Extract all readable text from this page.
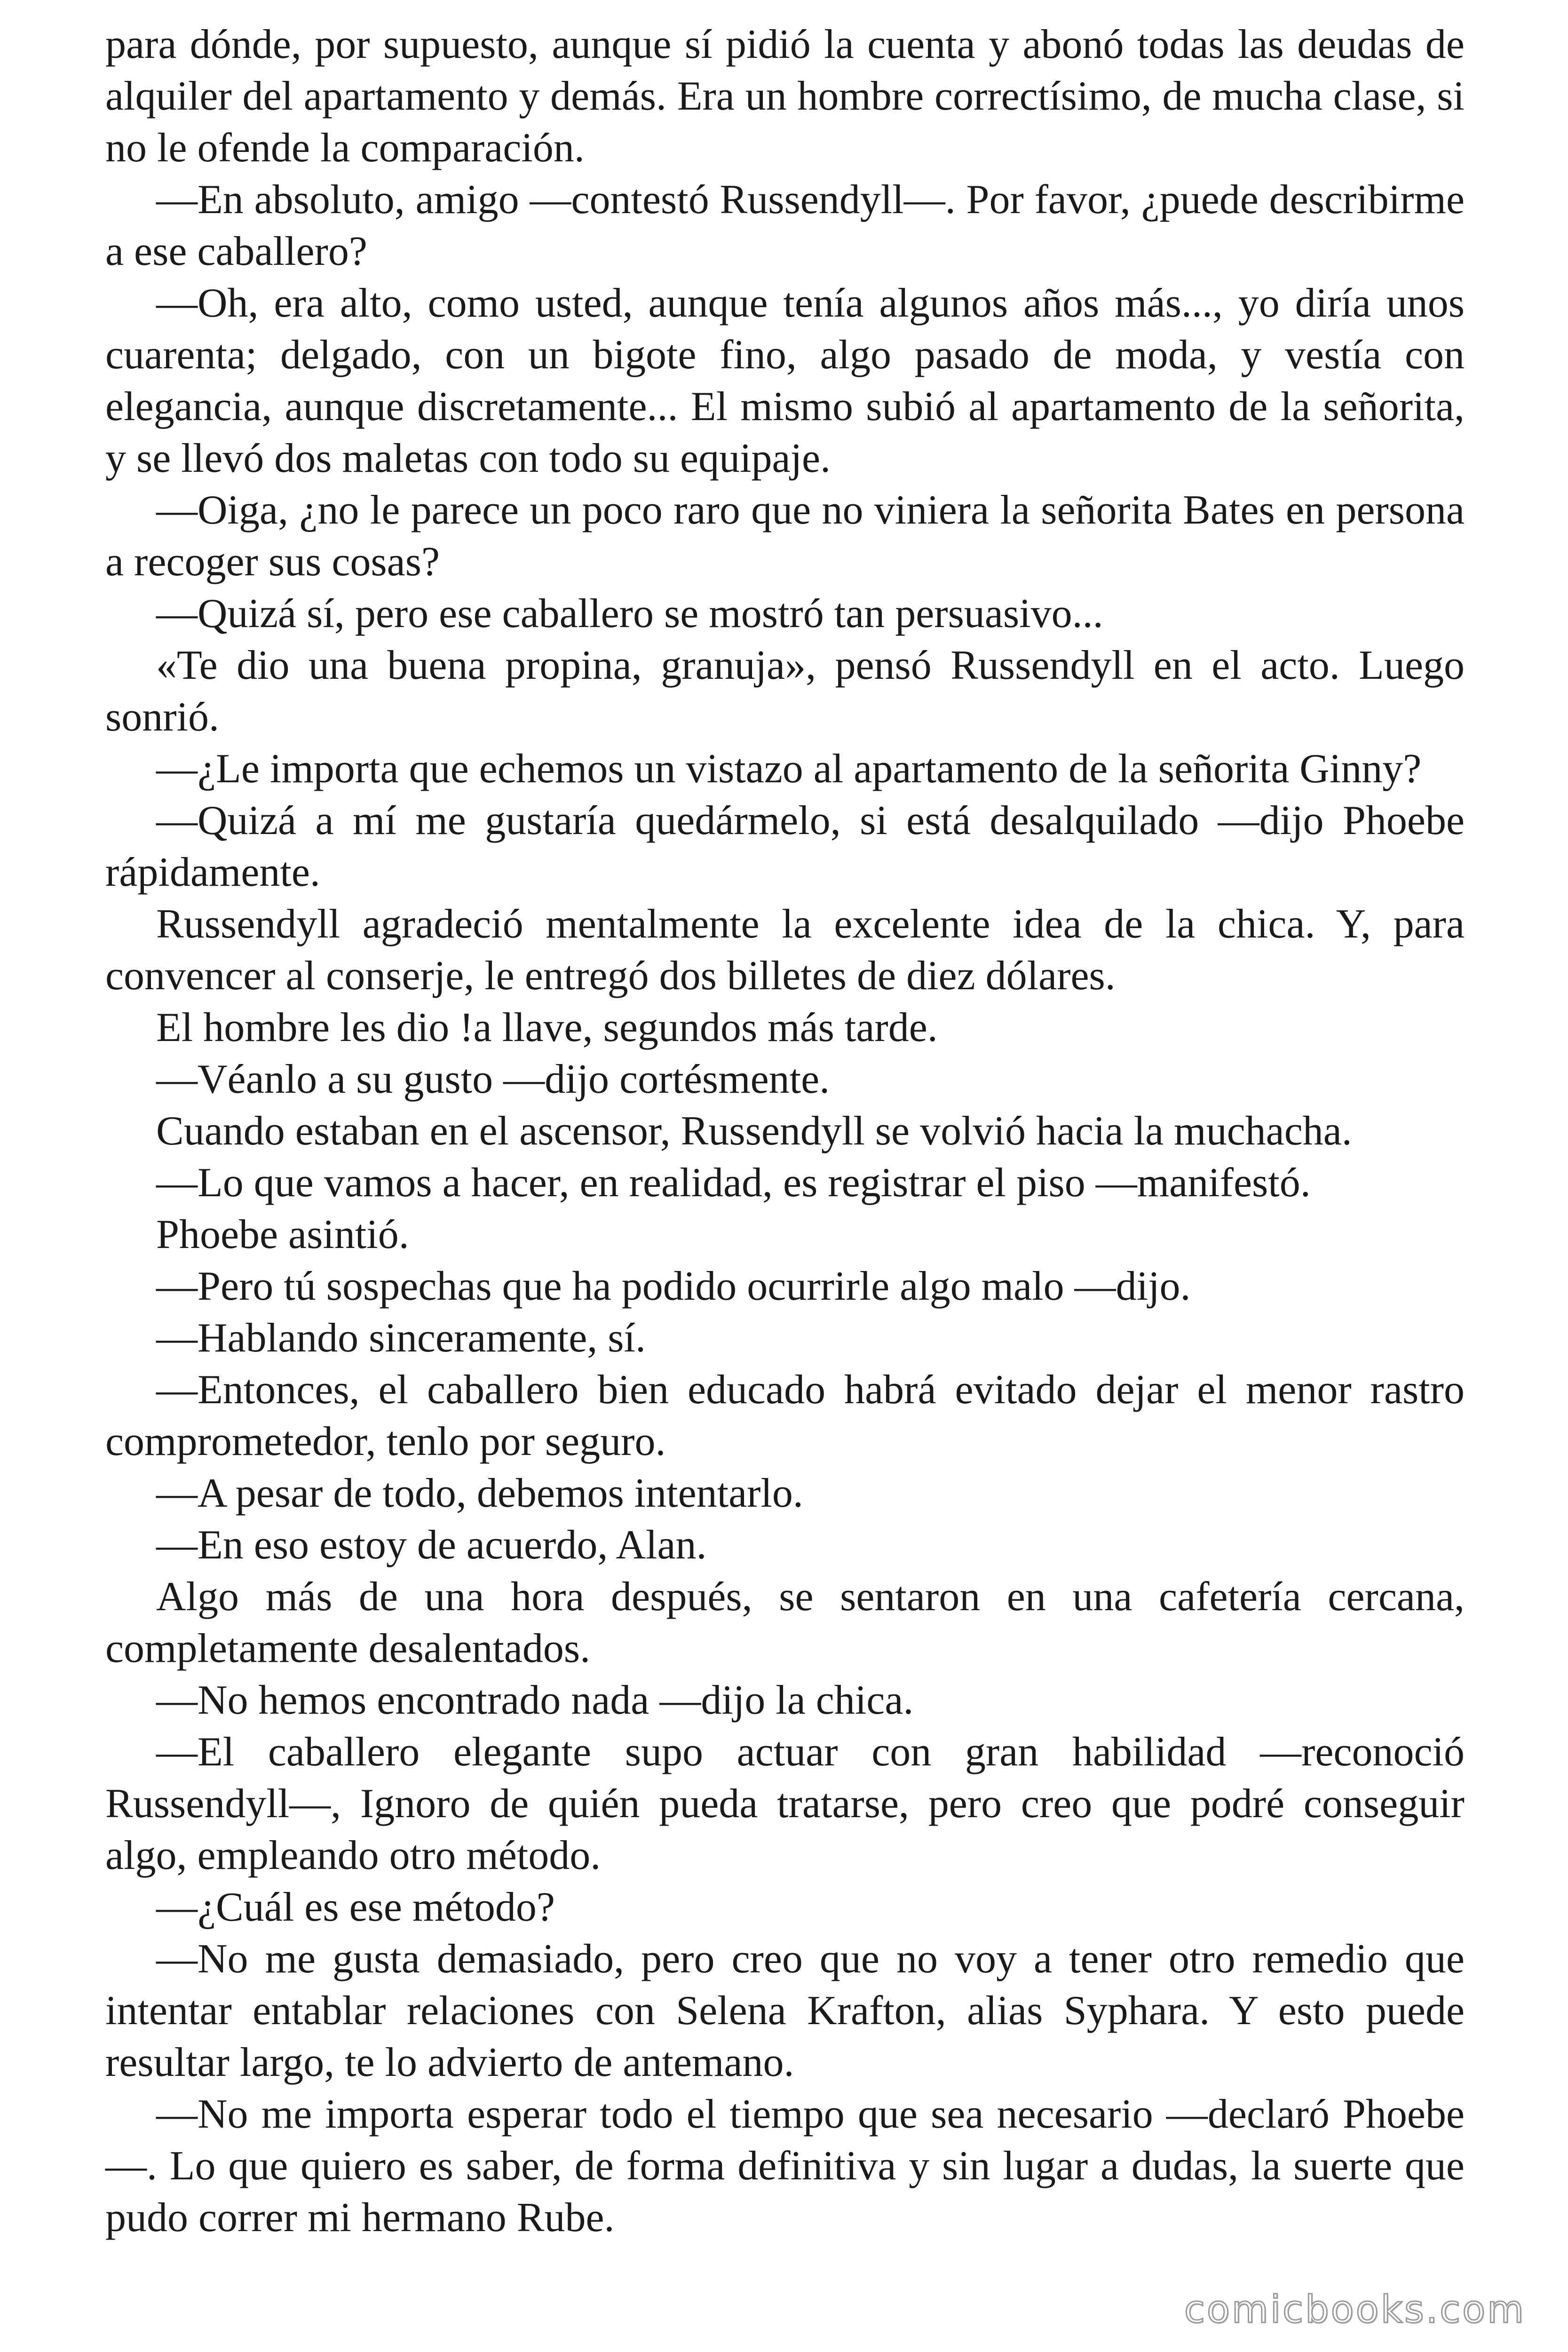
para dónde, por supuesto, aunque sí pidió la cuenta y abonó todas las deudas de alquiler del apartamento y demás. Era un hombre correctísimo, de mucha clase, si no le ofende la comparación.

—En absoluto, amigo —contestó Russendyll—. Por favor, ¿puede describirme a ese caballero?

—Oh, era alto, como usted, aunque tenía algunos años más..., yo diría unos cuarenta; delgado, con un bigote fino, algo pasado de moda, y vestía con elegancia, aunque discretamente... El mismo subió al apartamento de la señorita, y se llevó dos maletas con todo su equipaje.

—Oiga, ¿no le parece un poco raro que no viniera la señorita Bates en persona a recoger sus cosas?

—Quizá sí, pero ese caballero se mostró tan persuasivo...

«Te dio una buena propina, granuja», pensó Russendyll en el acto. Luego sonrió.

—¿Le importa que echemos un vistazo al apartamento de la señorita Ginny?

—Quizá a mí me gustaría quedármelo, si está desalquilado —dijo Phoebe rápidamente.

Russendyll agradeció mentalmente la excelente idea de la chica. Y, para convencer al conserje, le entregó dos billetes de diez dólares.

El hombre les dio !a llave, segundos más tarde.

—Véanlo a su gusto —dijo cortésmente.

Cuando estaban en el ascensor, Russendyll se volvió hacia la muchacha.

—Lo que vamos a hacer, en realidad, es registrar el piso —manifestó.

Phoebe asintió.

—Pero tú sospechas que ha podido ocurrirle algo malo —dijo.

—Hablando sinceramente, sí.

—Entonces, el caballero bien educado habrá evitado dejar el menor rastro comprometedor, tenlo por seguro.

—A pesar de todo, debemos intentarlo.

—En eso estoy de acuerdo, Alan.

Algo más de una hora después, se sentaron en una cafetería cercana, completamente desalentados.

—No hemos encontrado nada —dijo la chica.

—El caballero elegante supo actuar con gran habilidad —reconoció Russendyll—, Ignoro de quién pueda tratarse, pero creo que podré conseguir algo, empleando otro método.

—¿Cuál es ese método?

—No me gusta demasiado, pero creo que no voy a tener otro remedio que intentar entablar relaciones con Selena Krafton, alias Syphara. Y esto puede resultar largo, te lo advierto de antemano.

—No me importa esperar todo el tiempo que sea necesario —declaró Phoebe—. Lo que quiero es saber, de forma definitiva y sin lugar a dudas, la suerte que pudo correr mi hermano Rube.

comicbooks.com
